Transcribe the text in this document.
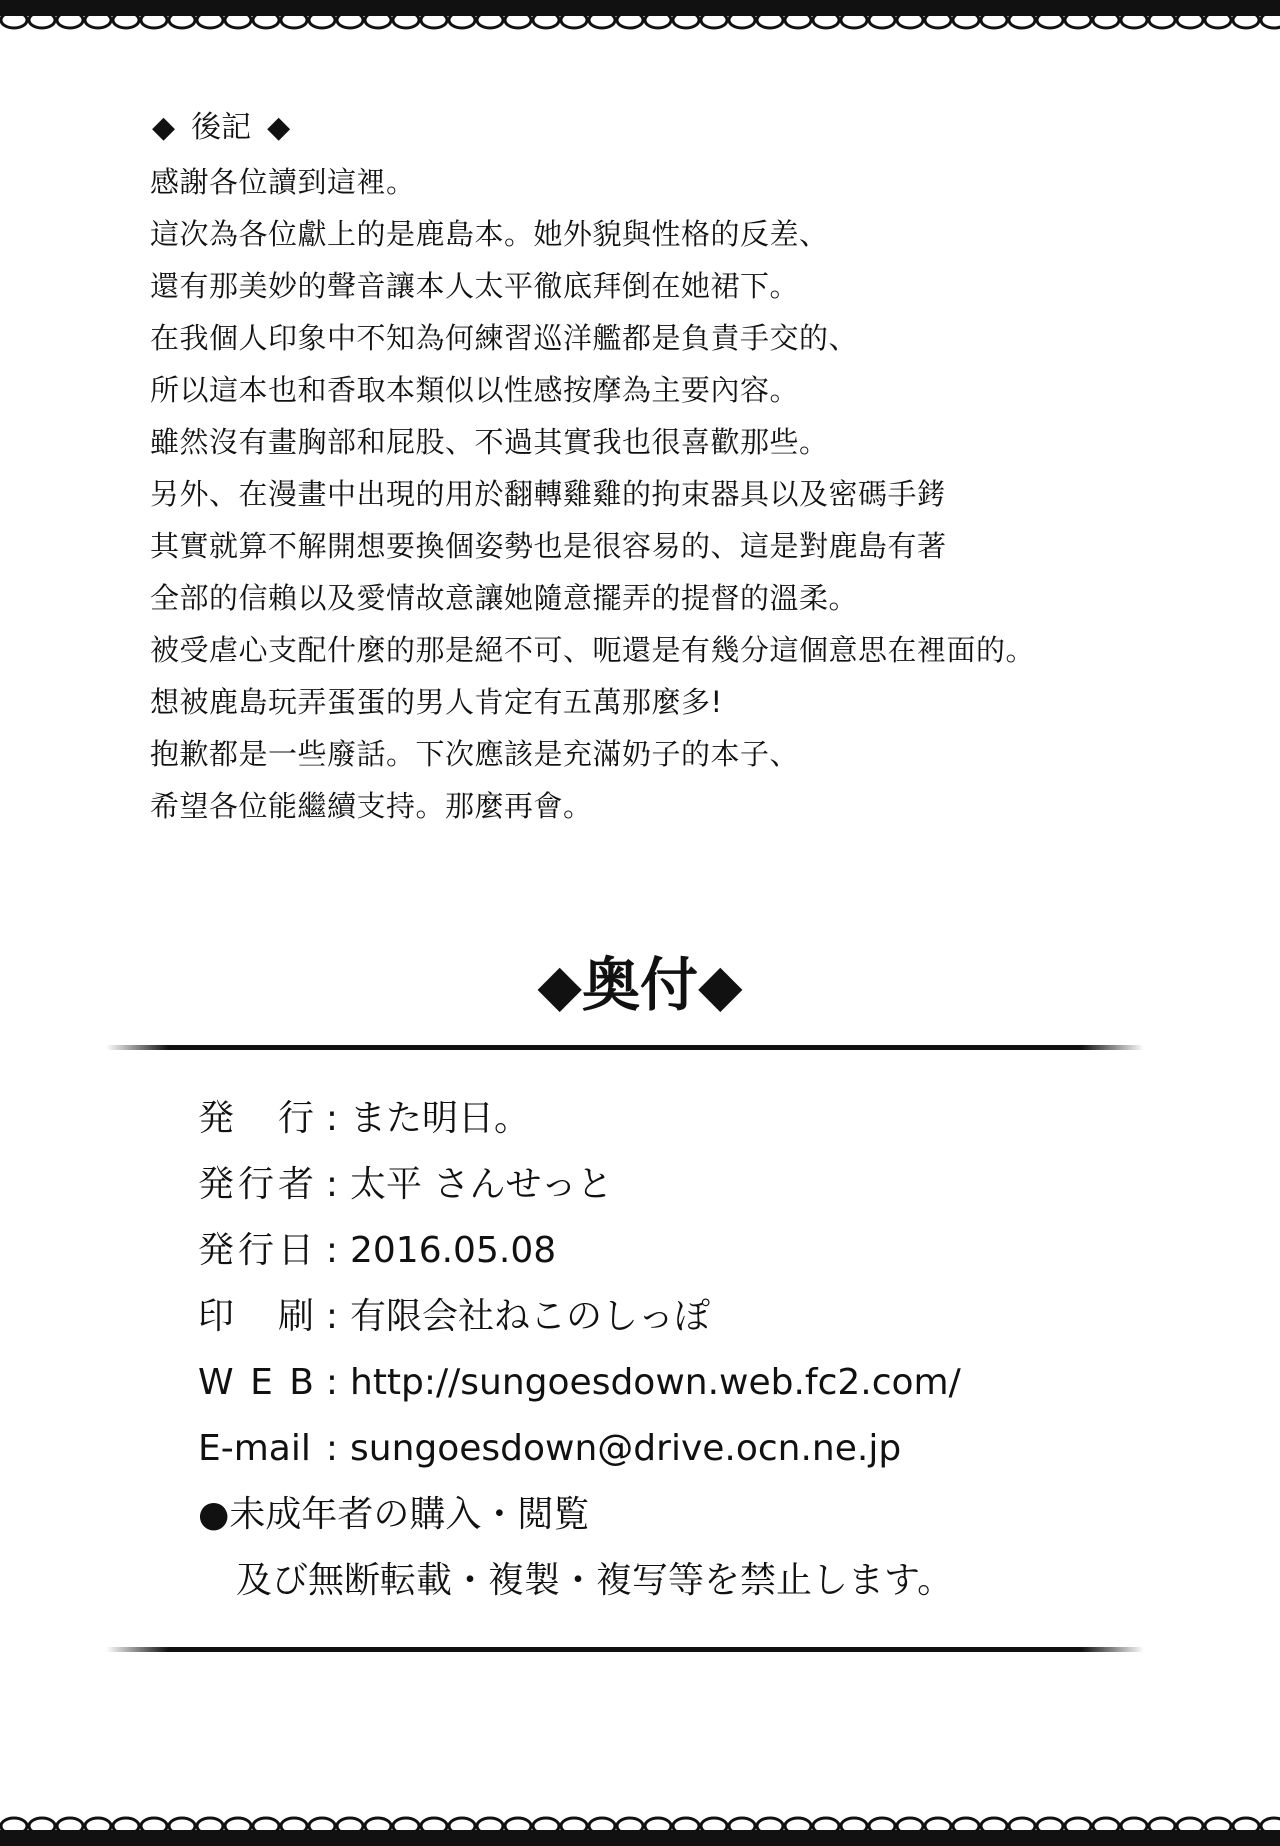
◆ 後記 ◆
感謝各位讀到這裡。
這次為各位獻上的是鹿島本。她外貌與性格的反差、
還有那美妙的聲音讓本人太平徹底拜倒在她裙下。
在我個人印象中不知為何練習巡洋艦都是負責手交的、
所以這本也和香取本類似以性感按摩為主要內容。
雖然沒有畫胸部和屁股、不過其實我也很喜歡那些。
另外、在漫畫中出現的用於翻轉雞雞的拘束器具以及密碼手銬
其實就算不解開想要換個姿勢也是很容易的、這是對鹿島有著
全部的信賴以及愛情故意讓她隨意擺弄的提督的溫柔。
被受虐心支配什麼的那是絕不可、呃還是有幾分這個意思在裡面的。
想被鹿島玩弄蛋蛋的男人肯定有五萬那麼多!
抱歉都是一些廢話。下次應該是充滿奶子的本子、
希望各位能繼續支持。那麼再會。
◆奥付◆
発 行 : また明日。
発行者 : 太平 さんせっと
発行日 : 2016.05.08
印 刷 : 有限会社ねこのしっぽ
W E B : http://sungoesdown.web.fc2.com/
E-mail : sungoesdown@drive.ocn.ne.jp
●未成年者の購入・閲覧
及び無断転載・複製・複写等を禁止します。
